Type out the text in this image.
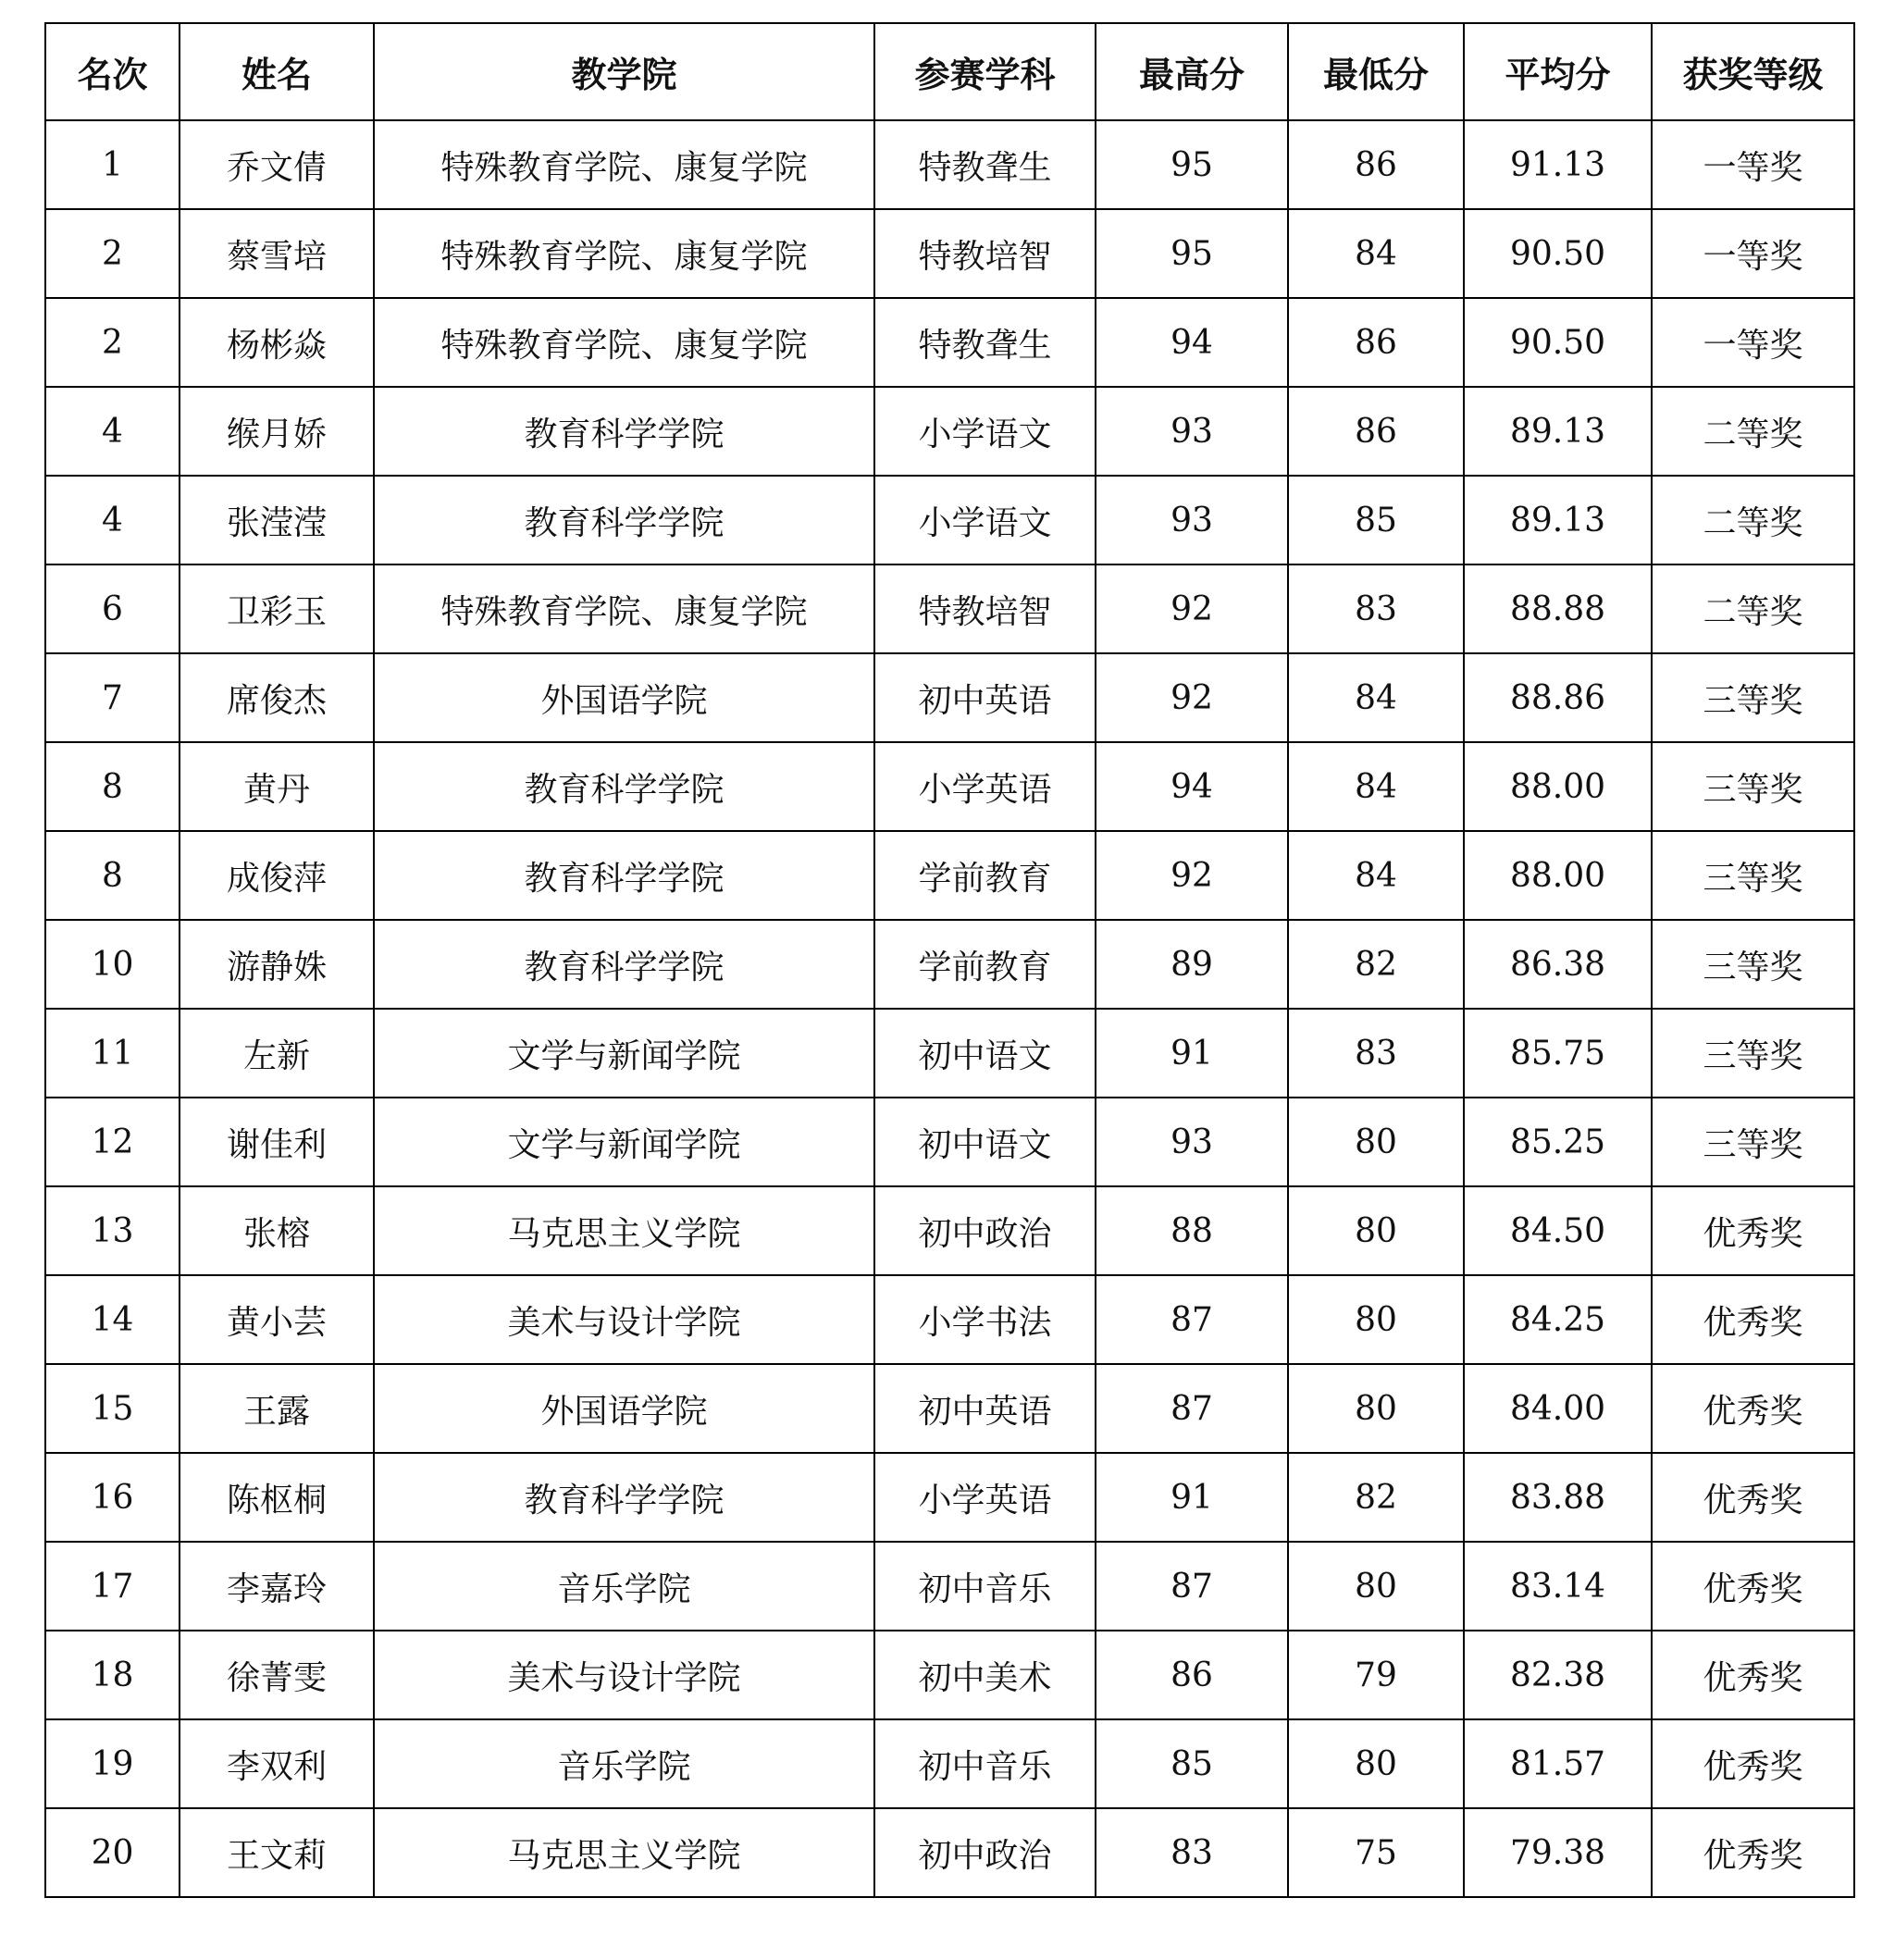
名次	姓名	教学院	参赛学科	最高分	最低分	平均分	获奖等级
1	乔文倩	特殊教育学院、康复学院	特教聋生	95	86	91.13	一等奖
2	蔡雪培	特殊教育学院、康复学院	特教培智	95	84	90.50	一等奖
2	杨彬焱	特殊教育学院、康复学院	特教聋生	94	86	90.50	一等奖
4	缑月娇	教育科学学院	小学语文	93	86	89.13	二等奖
4	张滢滢	教育科学学院	小学语文	93	85	89.13	二等奖
6	卫彩玉	特殊教育学院、康复学院	特教培智	92	83	88.88	二等奖
7	席俊杰	外国语学院	初中英语	92	84	88.86	三等奖
8	黄丹	教育科学学院	小学英语	94	84	88.00	三等奖
8	成俊萍	教育科学学院	学前教育	92	84	88.00	三等奖
10	游静姝	教育科学学院	学前教育	89	82	86.38	三等奖
11	左新	文学与新闻学院	初中语文	91	83	85.75	三等奖
12	谢佳利	文学与新闻学院	初中语文	93	80	85.25	三等奖
13	张榕	马克思主义学院	初中政治	88	80	84.50	优秀奖
14	黄小芸	美术与设计学院	小学书法	87	80	84.25	优秀奖
15	王露	外国语学院	初中英语	87	80	84.00	优秀奖
16	陈枢桐	教育科学学院	小学英语	91	82	83.88	优秀奖
17	李嘉玲	音乐学院	初中音乐	87	80	83.14	优秀奖
18	徐菁雯	美术与设计学院	初中美术	86	79	82.38	优秀奖
19	李双利	音乐学院	初中音乐	85	80	81.57	优秀奖
20	王文莉	马克思主义学院	初中政治	83	75	79.38	优秀奖
